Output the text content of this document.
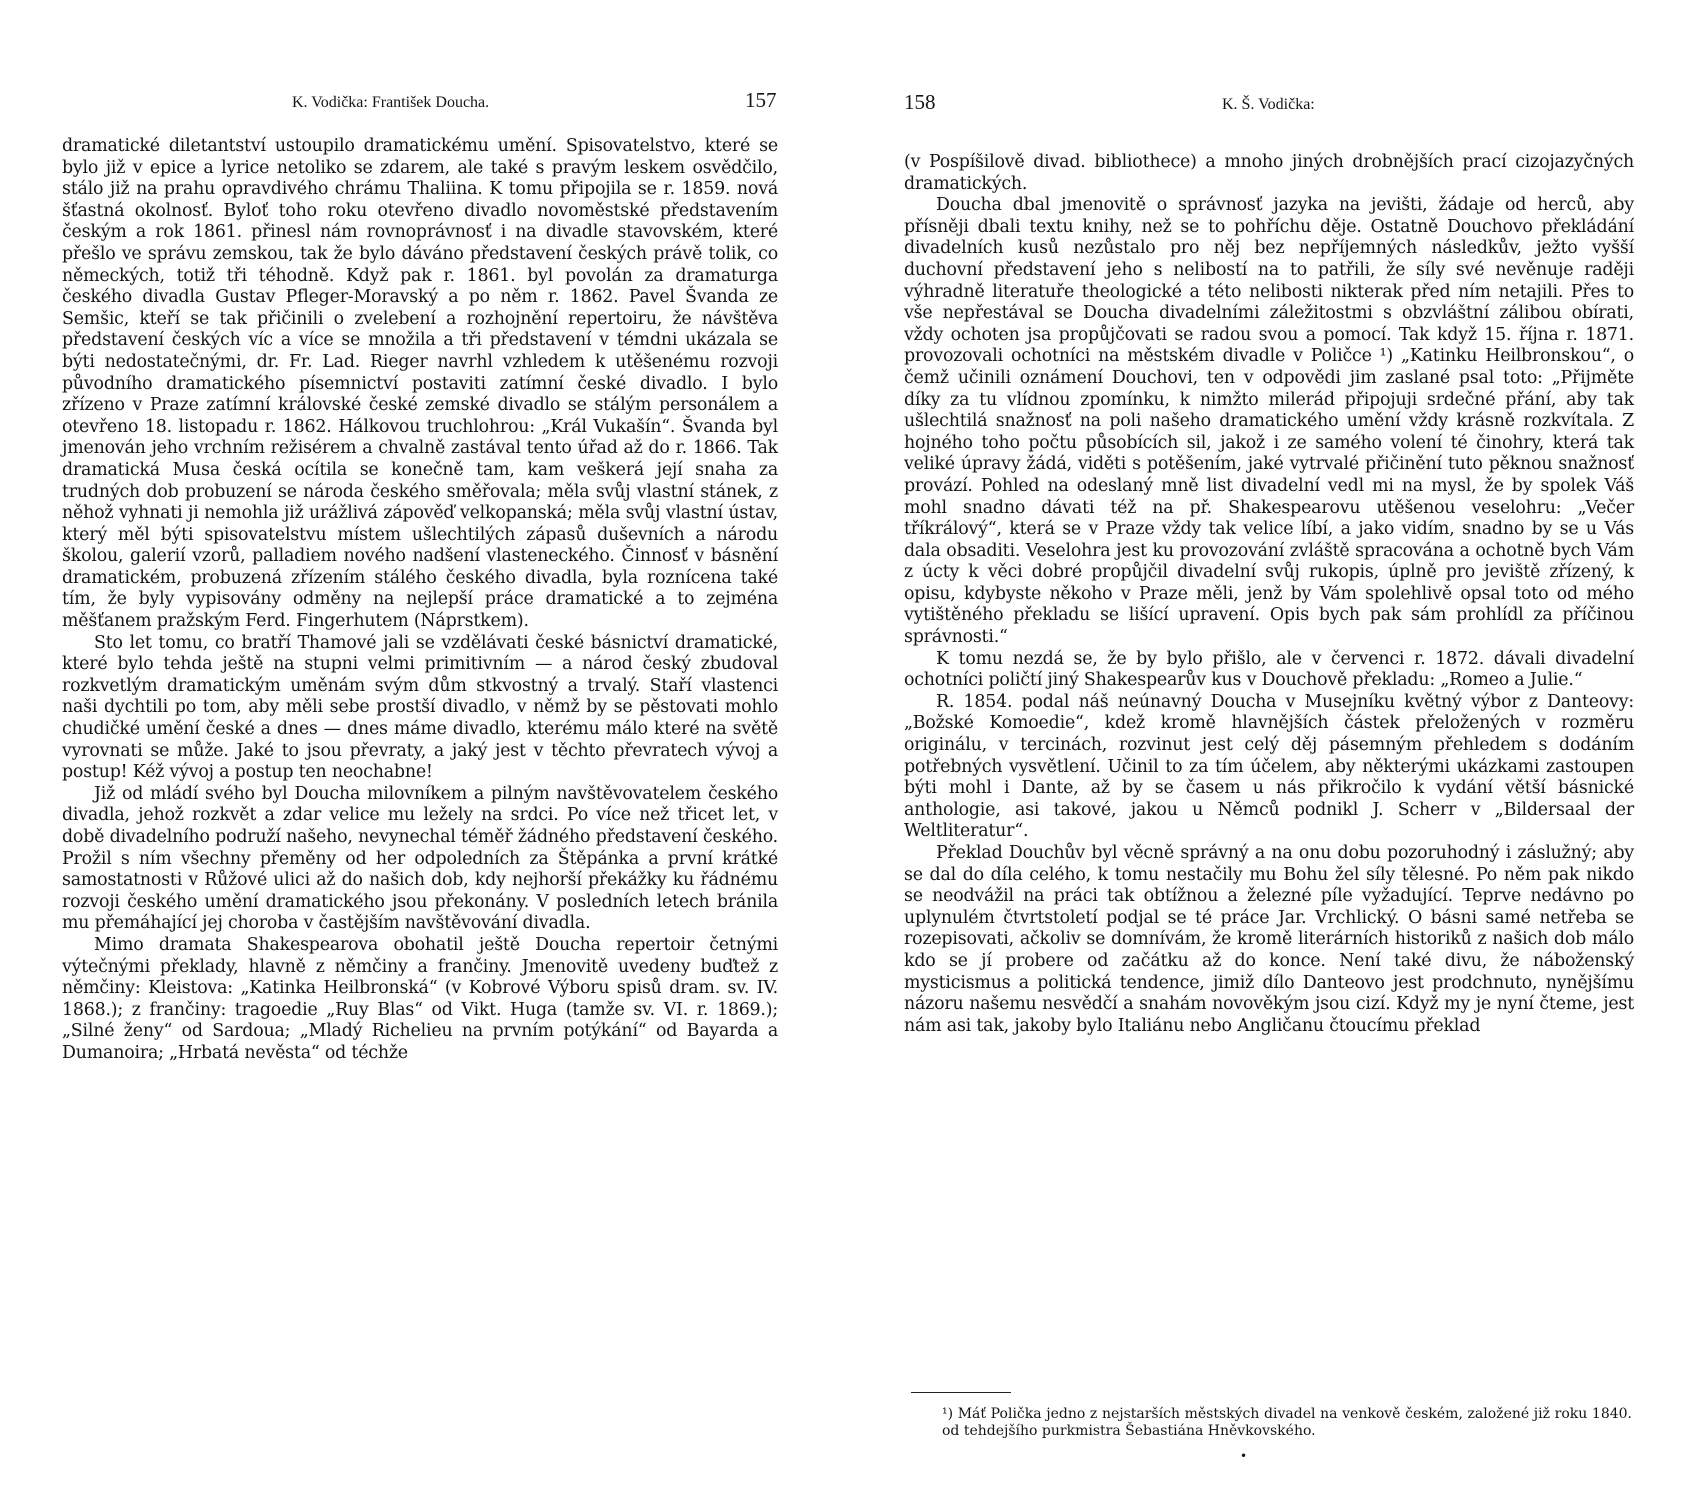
K. Vodička: František Doucha.	157

dramatické diletantství ustoupilo dramatickému umění. Spisovatelstvo, které se bylo již v epice a lyrice netoliko se zdarem, ale také s pravým leskem osvědčilo, stálo již na prahu opravdivého chrámu Thaliina. K tomu připojila se r. 1859. nová šťastná okolnosť. Byloť toho roku otevřeno divadlo novoměstské představením českým a rok 1861. přinesl nám rovnoprávnosť i na divadle stavovském, které přešlo ve správu zemskou, tak že bylo dáváno představení českých právě tolik, co německých, totiž tři téhodně. Když pak r. 1861. byl povolán za dramaturga českého divadla Gustav Pfleger-Moravský a po něm r. 1862. Pavel Švanda ze Semšic, kteří se tak přičinili o zvelebení a rozhojnění repertoiru, že návštěva představení českých víc a více se množila a tři představení v témdni ukázala se býti nedostatečnými, dr. Fr. Lad. Rieger navrhl vzhledem k utěšenému rozvoji původního dramatického písemnictví postaviti zatímní české divadlo. I bylo zřízeno v Praze zatímní královské české zemské divadlo se stálým personálem a otevřeno 18. listopadu r. 1862. Hálkovou truchlohrou: „Král Vukašín“. Švanda byl jmenován jeho vrchním režisérem a chvalně zastával tento úřad až do r. 1866. Tak dramatická Musa česká ocítila se konečně tam, kam veškerá její snaha za trudných dob probuzení se národa českého směřovala; měla svůj vlastní stánek, z něhož vyhnati ji nemohla již urážlivá zápověď velkopanská; měla svůj vlastní ústav, který měl býti spisovatelstvu místem ušlechtilých zápasů duševních a národu školou, galerií vzorů, palladiem nového nadšení vlasteneckého. Činnosť v básnění dramatickém, probuzená zřízením stálého českého divadla, byla roznícena také tím, že byly vypisovány odměny na nejlepší práce dramatické a to zejména měšťanem pražským Ferd. Fingerhutem (Náprstkem).

Sto let tomu, co bratří Thamové jali se vzdělávati české básnictví dramatické, které bylo tehda ještě na stupni velmi primitivním — a národ český zbudoval rozkvetlým dramatickým uměnám svým dům stkvostný a trvalý. Staří vlastenci naši dychtili po tom, aby měli sebe prostší divadlo, v němž by se pěstovati mohlo chudičké umění české a dnes — dnes máme divadlo, kterému málo které na světě vyrovnati se může. Jaké to jsou převraty, a jaký jest v těchto převratech vývoj a postup! Kéž vývoj a postup ten neochabne!

Již od mládí svého byl Doucha milovníkem a pilným navštěvovatelem českého divadla, jehož rozkvět a zdar velice mu ležely na srdci. Po více než třicet let, v době divadelního podruží našeho, nevynechal téměř žádného představení českého. Prožil s ním všechny přeměny od her odpoledních za Štěpánka a první krátké samostatnosti v Růžové ulici až do našich dob, kdy nejhorší překážky ku řádnému rozvoji českého umění dramatického jsou překonány. V posledních letech bránila mu přemáhající jej choroba v častějším navštěvování divadla.

Mimo dramata Shakespearova obohatil ještě Doucha repertoir četnými výtečnými překlady, hlavně z němčiny a frančiny. Jmenovitě uvedeny buďtež z němčiny: Kleistova: „Katinka Heilbronská“ (v Kobrové Výboru spisů dram. sv. IV. 1868.); z frančiny: tragoedie „Ruy Blas“ od Vikt. Huga (tamže sv. VI. r. 1869.); „Silné ženy“ od Sardoua; „Mladý Richelieu na prvním potýkání“ od Bayarda a Dumanoira; „Hrbatá nevěsta“ od téchže

158	K. Š. Vodička:

(v Pospíšilově divad. bibliothece) a mnoho jiných drobnějších prací cizojazyčných dramatických.

Doucha dbal jmenovitě o správnosť jazyka na jevišti, žádaje od herců, aby přísněji dbali textu knihy, než se to pohříchu děje. Ostatně Douchovo překládání divadelních kusů nezůstalo pro něj bez nepříjemných následkův, ježto vyšší duchovní představení jeho s nelibostí na to patřili, že síly své nevěnuje raději výhradně literatuře theologické a této nelibosti nikterak před ním netajili. Přes to vše nepřestával se Doucha divadelními záležitostmi s obzvláštní zálibou obírati, vždy ochoten jsa propůjčovati se radou svou a pomocí. Tak když 15. října r. 1871. provozovali ochotníci na městském divadle v Poličce ¹) „Katinku Heilbronskou“, o čemž učinili oznámení Douchovi, ten v odpovědi jim zaslané psal toto: „Přijměte díky za tu vlídnou zpomínku, k nimžto milerád připojuji srdečné přání, aby tak ušlechtilá snažnosť na poli našeho dramatického umění vždy krásně rozkvítala. Z hojného toho počtu působících sil, jakož i ze samého volení té činohry, která tak veliké úpravy žádá, viděti s potěšením, jaké vytrvalé přičinění tuto pěknou snažnosť provází. Pohled na odeslaný mně list divadelní vedl mi na mysl, že by spolek Váš mohl snadno dávati též na př. Shakespearovu utěšenou veselohru: „Večer tříkrálový“, která se v Praze vždy tak velice líbí, a jako vidím, snadno by se u Vás dala obsaditi. Veselohra jest ku provozování zvláště spracována a ochotně bych Vám z úcty k věci dobré propůjčil divadelní svůj rukopis, úplně pro jeviště zřízený, k opisu, kdybyste někoho v Praze měli, jenž by Vám spolehlivě opsal toto od mého vytištěného překladu se lišící upravení. Opis bych pak sám prohlídl za příčinou správnosti.“

K tomu nezdá se, že by bylo přišlo, ale v červenci r. 1872. dávali divadelní ochotníci poličtí jiný Shakespearův kus v Douchově překladu: „Romeo a Julie.“

R. 1854. podal náš neúnavný Doucha v Musejníku květný výbor z Danteovy: „Božské Komoedie“, kdež kromě hlavnějších částek přeložených v rozměru originálu, v tercinách, rozvinut jest celý děj pásemným přehledem s dodáním potřebných vysvětlení. Učinil to za tím účelem, aby některými ukázkami zastoupen býti mohl i Dante, až by se časem u nás přikročilo k vydání větší básnické anthologie, asi takové, jakou u Němců podnikl J. Scherr v „Bildersaal der Weltliteratur“.

Překlad Douchův byl věcně správný a na onu dobu pozoruhodný i záslužný; aby se dal do díla celého, k tomu nestačily mu Bohu žel síly tělesné. Po něm pak nikdo se neodvážil na práci tak obtížnou a železné píle vyžadující. Teprve nedávno po uplynulém čtvrtstoletí podjal se té práce Jar. Vrchlický. O básni samé netřeba se rozepisovati, ačkoliv se domnívám, že kromě literárních historiků z našich dob málo kdo se jí probere od začátku až do konce. Není také divu, že náboženský mysticismus a politická tendence, jimiž dílo Danteovo jest prodchnuto, nynějšímu názoru našemu nesvědčí a snahám novověkým jsou cizí. Když my je nyní čteme, jest nám asi tak, jakoby bylo Italiánu nebo Angličanu čtoucímu překlad

¹) Máť Polička jedno z nejstarších městských divadel na venkově českém, založené již roku 1840. od tehdejšího purkmistra Šebastiána Hněvkovského.

•
